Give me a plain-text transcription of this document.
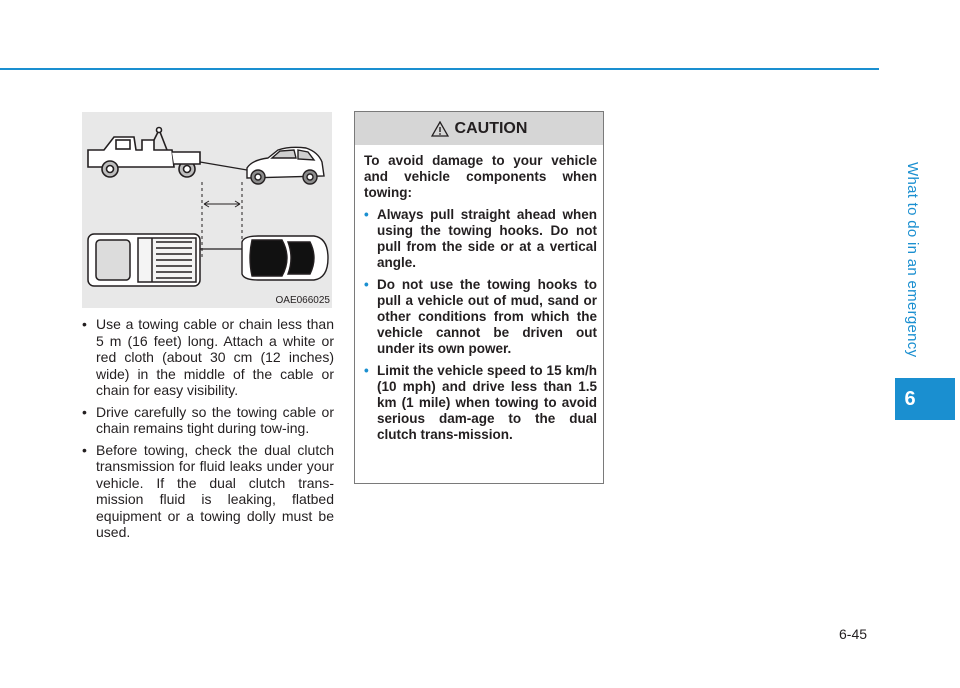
What to do in an emergency
6
OAE066025
• Use a towing cable or chain less than 5 m (16 feet) long. Attach a white or red cloth (about 30 cm (12 inches) wide) in the middle of the cable or chain for easy visibility.
• Drive carefully so the towing cable or chain remains tight during tow-ing.
• Before towing, check the dual clutch transmission for fluid leaks under your vehicle. If the dual clutch trans-mission fluid is leaking, flatbed equipment or a towing dolly must be used.
CAUTION

To avoid damage to your vehicle and vehicle components when towing:

• Always pull straight ahead when using the towing hooks. Do not pull from the side or at a vertical angle.
• Do not use the towing hooks to pull a vehicle out of mud, sand or other conditions from which the vehicle cannot be driven out under its own power.
• Limit the vehicle speed to 15 km/h (10 mph) and drive less than 1.5 km (1 mile) when towing to avoid serious dam-age to the dual clutch trans-mission.
6-45
